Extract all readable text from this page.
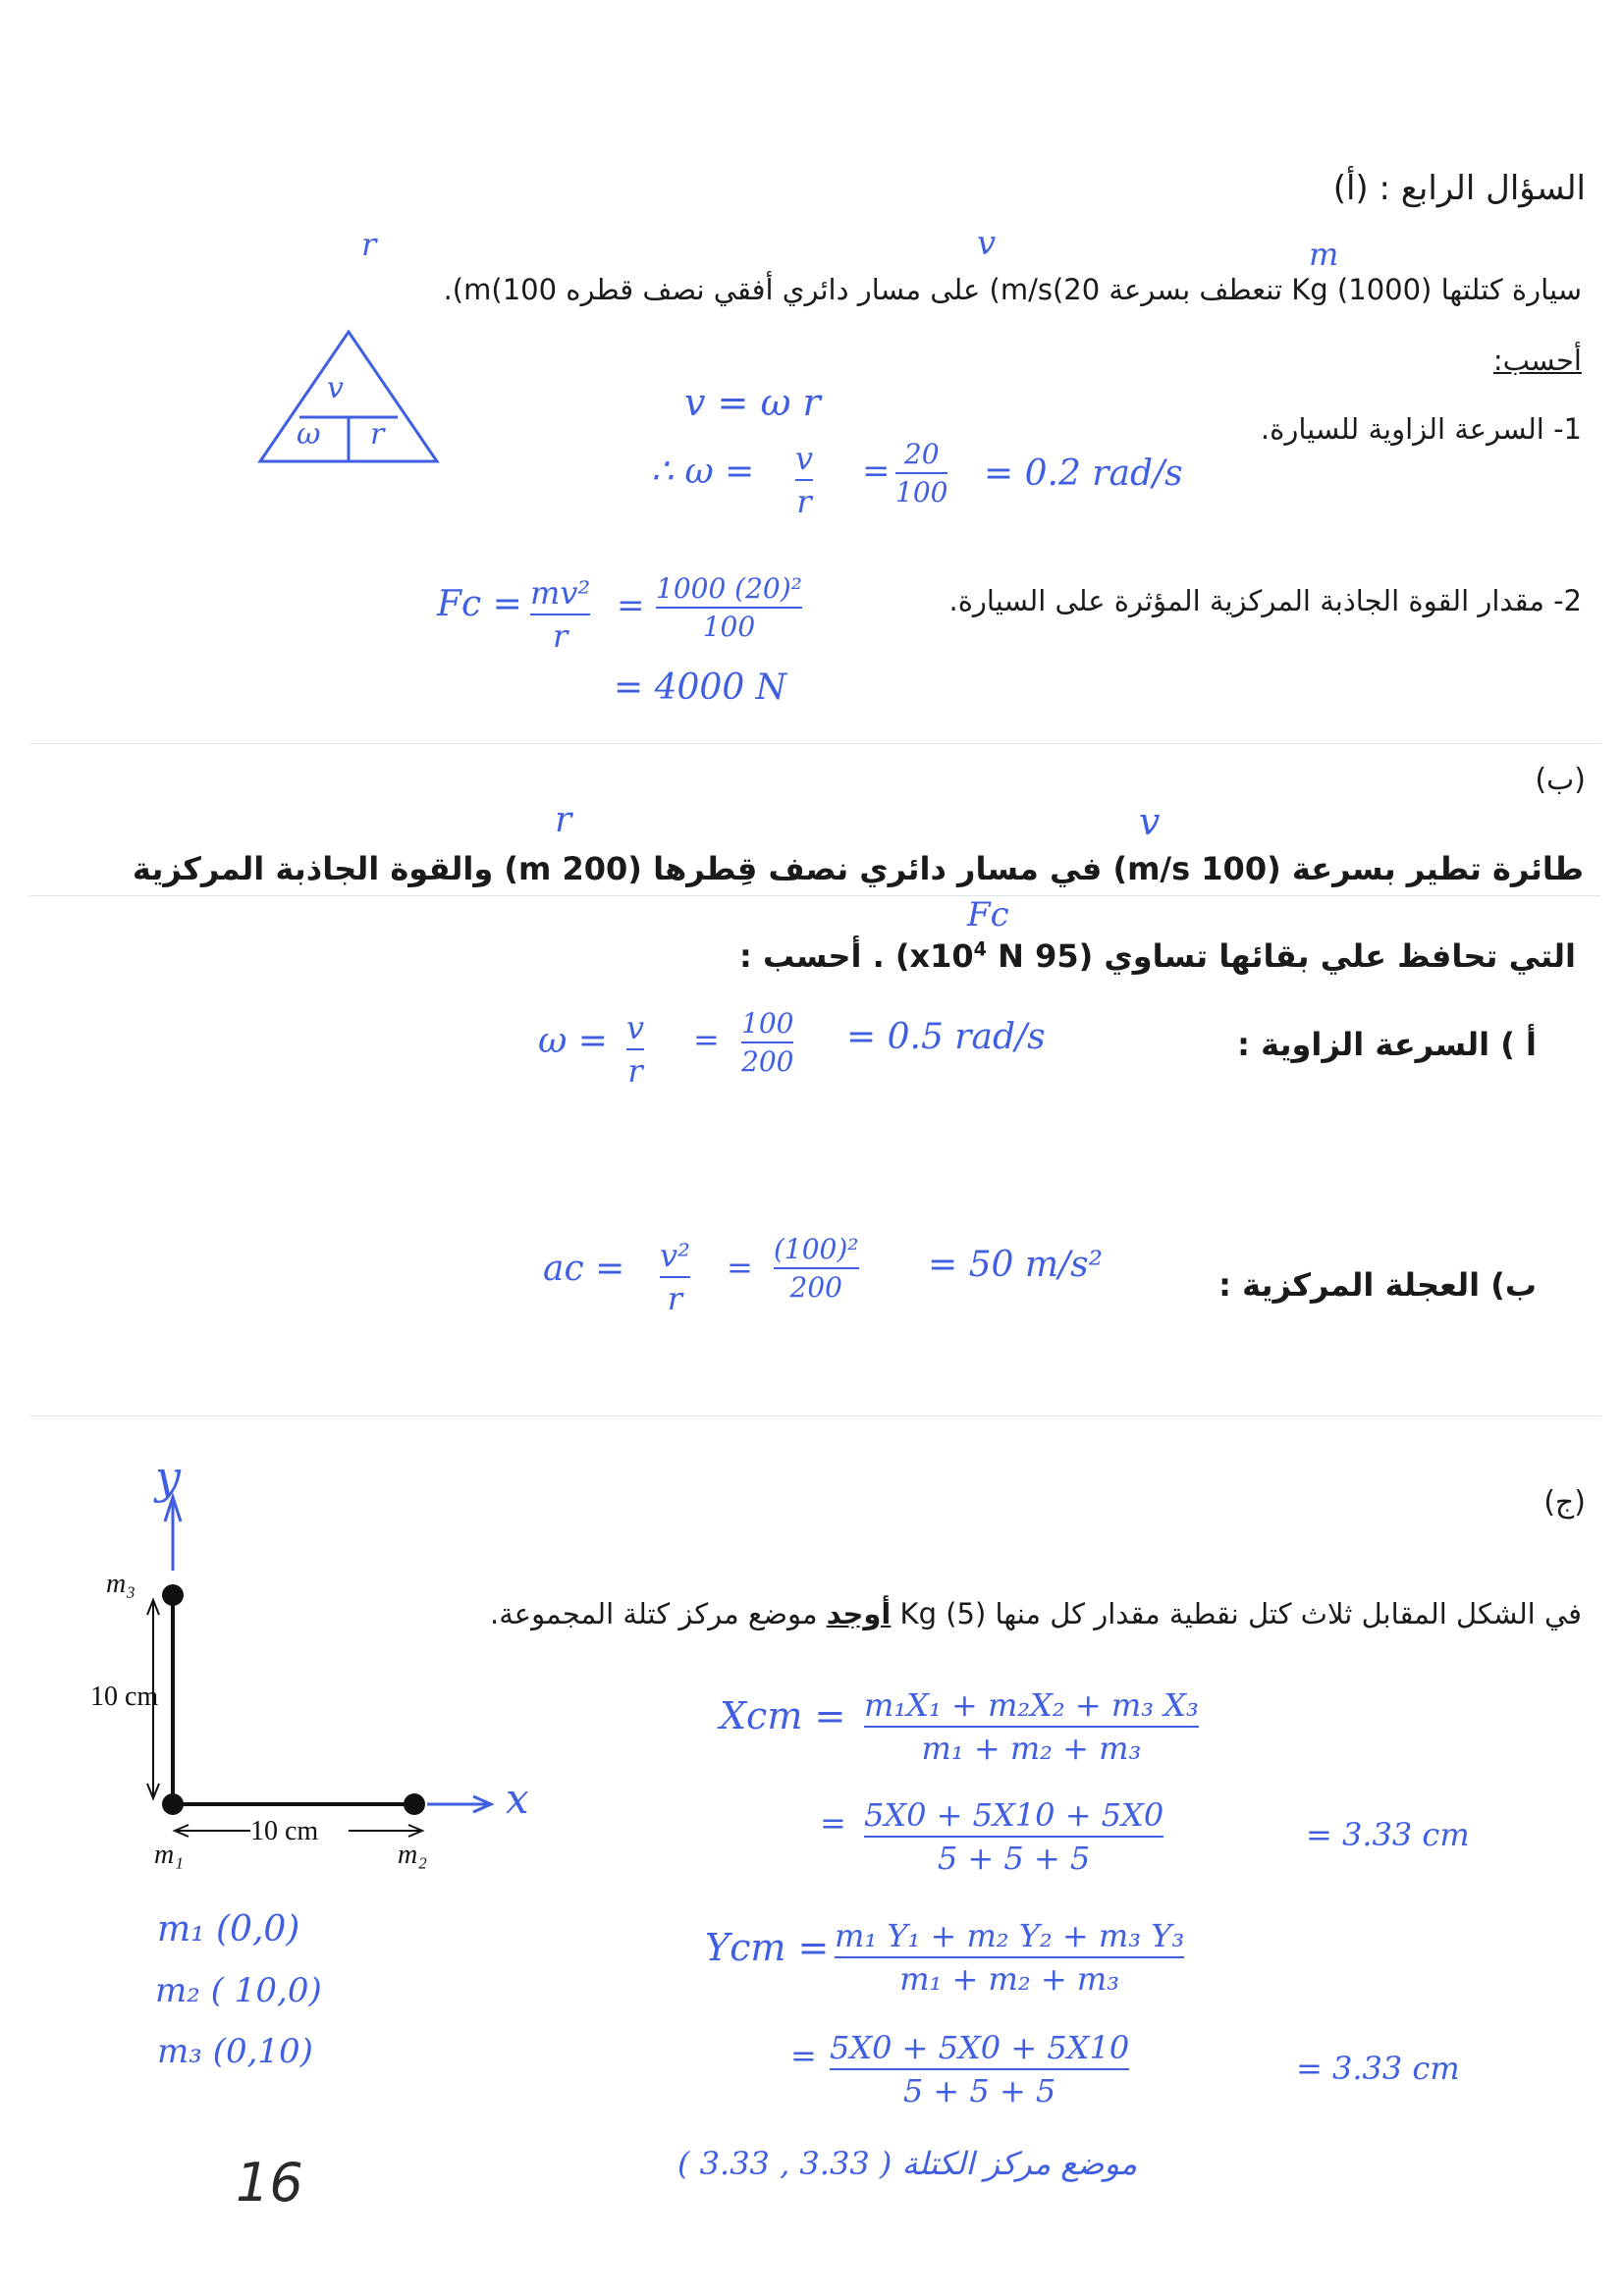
السؤال الرابع : (أ)
r	v	m
سيارة كتلتها Kg (1000) تنعطف بسرعة 20)m/s) على مسار دائري أفقي نصف قطره 100)m).
أحسب:
v
ω r	1- السرعة الزاوية للسيارة.
2- مقدار القوة الجاذبة المركزية المؤثرة على السيارة.
v = ω r
∴ ω = v
r
= 20
100 = 0.2 rad/s
Fc = mv²
r
= 1000 (20)²
100
= 4000 N
(ب)
r	v
طائرة تطير بسرعة (100 m/s) في مسار دائري نصف قِطرها (200 m) والقوة الجاذبة المركزية
Fc
التي تحافظ علي بقائها تساوي (95 $x10^4$ N) . أحسب :
أ ) السرعة الزاوية :
ω = v
r
= 100
200
= 0.5 rad/s
ب) العجلة المركزية :
ac = v²
r
= (100)²
200
= 50 m/s²
(ج)
في الشكل المقابل ثلاث كتل نقطية مقدار كل منها Kg (5) أوجد موضع مركز كتلة المجموعة.
y
x
m₃
10 cm
10 cm
m₁	m₂
m₁ (0,0)
m₂ ( 10,0)
m₃ (0,10)
Xcm = m₁X₁ + m₂X₂ + m₃ X₃
m₁ + m₂ + m₃
= 5X0 + 5X10 + 5X0
5 + 5 + 5
= 3.33 cm
Ycm = m₁ Y₁ + m₂ Y₂ + m₃ Y₃
m₁ + m₂ + m₃
= 5X0 + 5X0 + 5X10
5 + 5 + 5
= 3.33 cm
موضع مركز الكتلة ( 3.33 , 3.33 )
16
